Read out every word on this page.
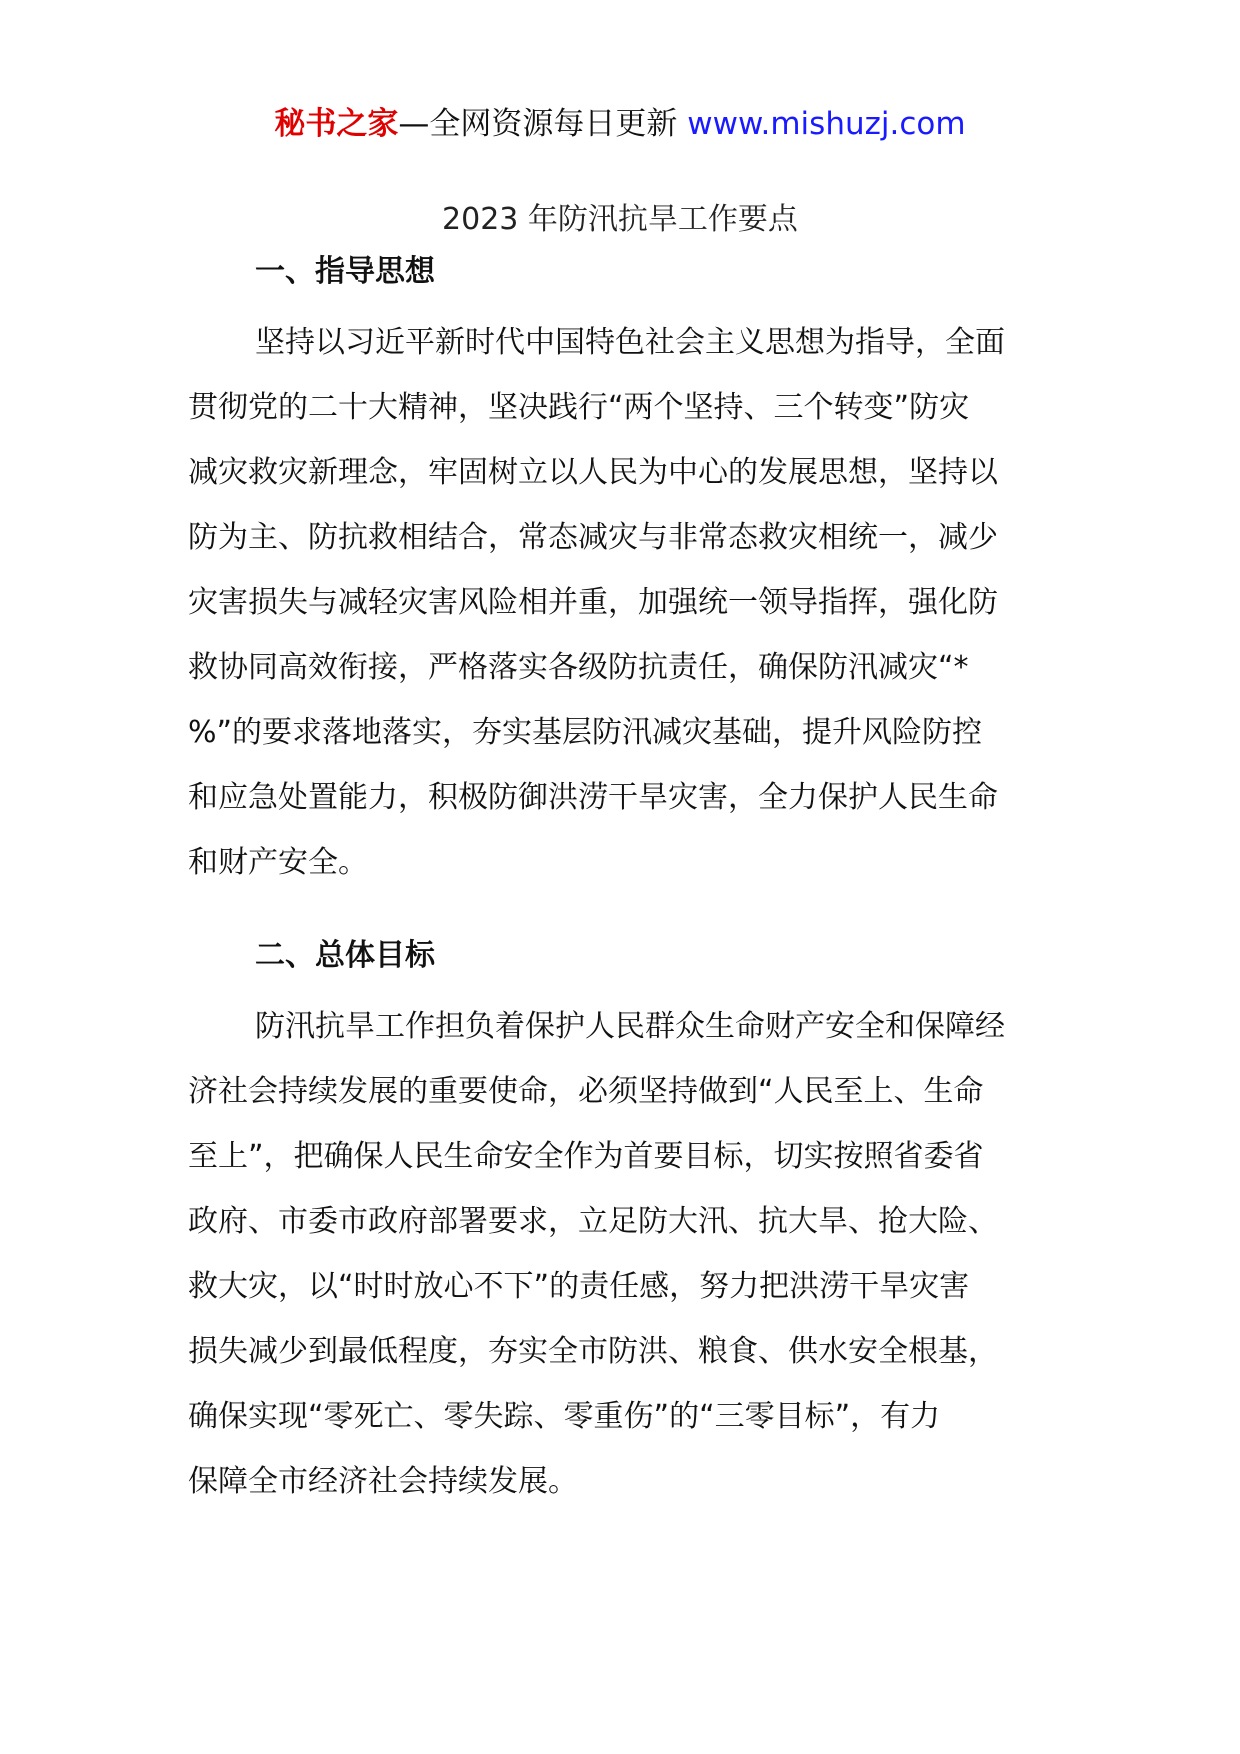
秘书之家—全网资源每日更新 www.mishuzj.com
2023 年防汛抗旱工作要点
一、指导思想
坚持以习近平新时代中国特色社会主义思想为指导，全面
贯彻党的二十大精神，坚决践行“两个坚持、三个转变”防灾
减灾救灾新理念，牢固树立以人民为中心的发展思想，坚持以
防为主、防抗救相结合，常态减灾与非常态救灾相统一，减少
灾害损失与减轻灾害风险相并重，加强统一领导指挥，强化防
救协同高效衔接，严格落实各级防抗责任，确保防汛减灾“*
%”的要求落地落实，夯实基层防汛减灾基础，提升风险防控
和应急处置能力，积极防御洪涝干旱灾害，全力保护人民生命
和财产安全。
二、总体目标
防汛抗旱工作担负着保护人民群众生命财产安全和保障经
济社会持续发展的重要使命，必须坚持做到“人民至上、生命
至上”，把确保人民生命安全作为首要目标，切实按照省委省
政府、市委市政府部署要求，立足防大汛、抗大旱、抢大险、
救大灾，以“时时放心不下”的责任感，努力把洪涝干旱灾害
损失减少到最低程度，夯实全市防洪、粮食、供水安全根基，
确保实现“零死亡、零失踪、零重伤”的“三零目标”，有力
保障全市经济社会持续发展。
